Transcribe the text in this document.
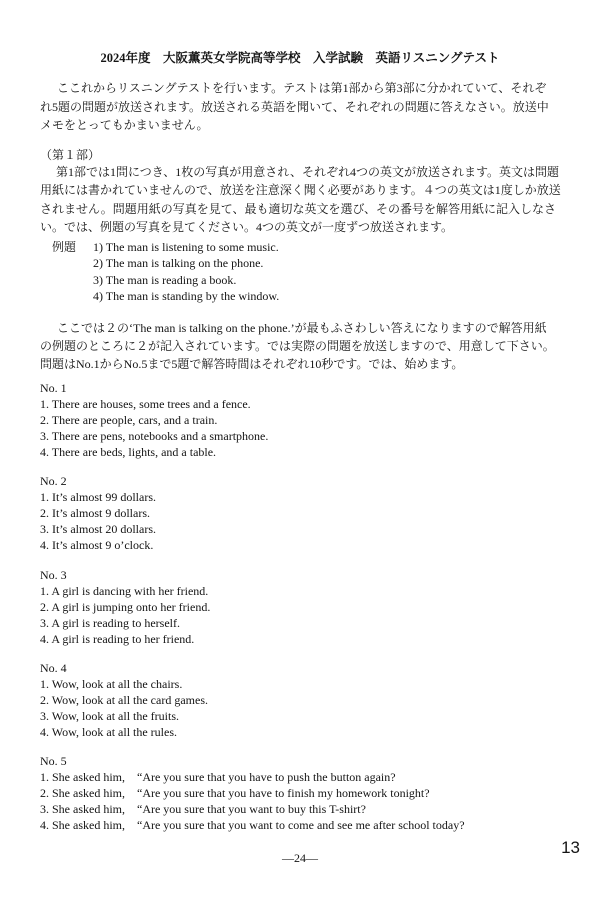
2024年度　大阪薫英女学院高等学校　入学試験　英語リスニングテスト
ここれからリスニングテストを行います。テストは第1部から第3部に分かれていて、それぞ
れ5題の問題が放送されます。放送される英語を聞いて、それぞれの問題に答えなさい。放送中
メモをとってもかまいません。
（第１部）
第1部では1問につき、1枚の写真が用意され、それぞれ4つの英文が放送されます。英文は問題
用紙には書かれていませんので、放送を注意深く聞く必要があります。４つの英文は1度しか放送
されません。問題用紙の写真を見て、最も適切な英文を選び、その番号を解答用紙に記入しなさ
い。では、例題の写真を見てください。4つの英文が一度ずつ放送されます。
例題 1) The man is listening to some music.
2) The man is talking on the phone.
3) The man is reading a book.
4) The man is standing by the window.
ここでは２の‘The man is talking on the phone.’が最もふさわしい答えになりますので解答用紙
の例題のところに２が記入されています。では実際の問題を放送しますので、用意して下さい。
問題はNo.1からNo.5まで5題で解答時間はそれぞれ10秒です。では、始めます。
No. 1
1. There are houses, some trees and a fence.
2. There are people, cars, and a train.
3. There are pens, notebooks and a smartphone.
4. There are beds, lights, and a table.
No. 2
1. It’s almost 99 dollars.
2. It’s almost 9 dollars.
3. It’s almost 20 dollars.
4. It’s almost 9 o’clock.
No. 3
1. A girl is dancing with her friend.
2. A girl is jumping onto her friend.
3. A girl is reading to herself.
4. A girl is reading to her friend.
No. 4
1. Wow, look at all the chairs.
2. Wow, look at all the card games.
3. Wow, look at all the fruits.
4. Wow, look at all the rules.
No. 5
1. She asked him,　“Are you sure that you have to push the button again?
2. She asked him,　“Are you sure that you have to finish my homework tonight?
3. She asked him,　“Are you sure that you want to buy this T-shirt?
4. She asked him,　“Are you sure that you want to come and see me after school today?
13
—24—
